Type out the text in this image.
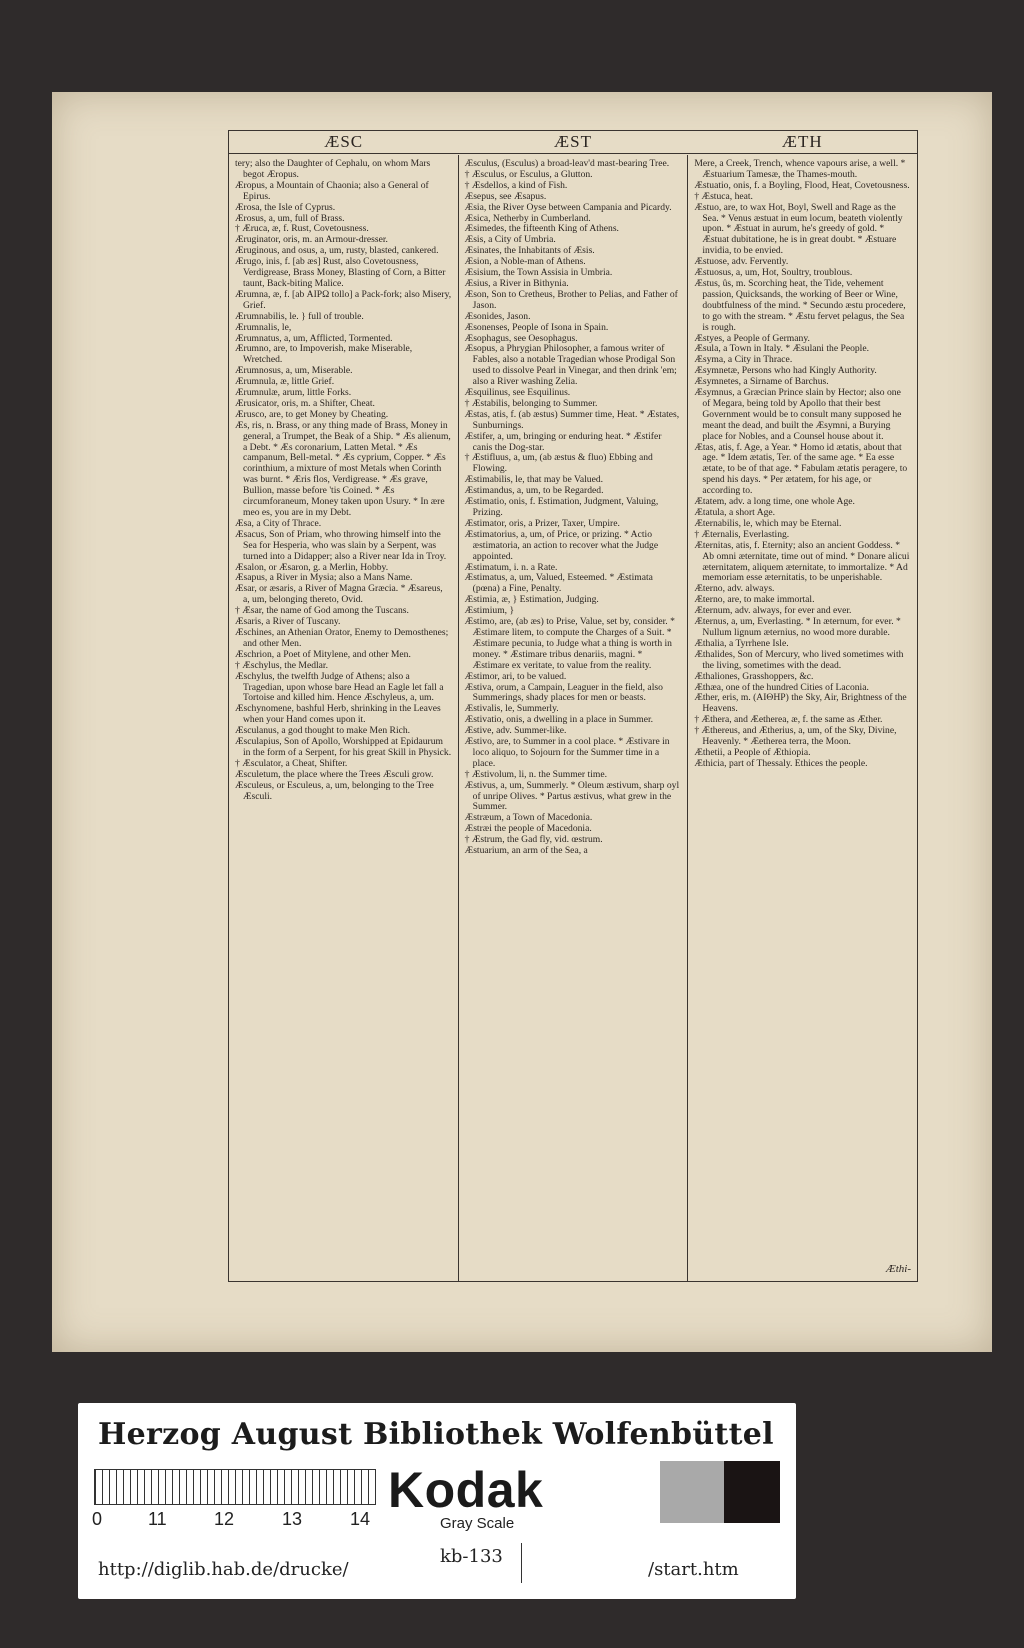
ÆSC	ÆST	ÆTH

tery; also the Daughter of Cephalu, on whom Mars begot Æropus.

Æropus, a Mountain of Chaonia; also a General of Epirus.

Ærosa, the Isle of Cyprus.

Ærosus, a, um, full of Brass.

† Æruca, æ, f. Rust, Covetousness.

Æruginator, oris, m. an Armour-dresser.

Æruginous, and osus, a, um, rusty, blasted, cankered.

Ærugo, inis, f. [ab æs] Rust, also Covetousness, Verdigrease, Brass Money, Blasting of Corn, a Bitter taunt, Back-biting Malice.

Ærumna, æ, f. [ab ΑΙΡΩ tollo] a Pack-fork; also Misery, Grief.

Ærumnabilis, le. } full of trouble.

Ærumnalis, le,

Ærumnatus, a, um, Afflicted, Tormented.

Ærumno, are, to Impoverish, make Miserable, Wretched.

Ærumnosus, a, um, Miserable.

Ærumnula, æ, little Grief.

Ærumnulæ, arum, little Forks.

Ærusicator, oris, m. a Shifter, Cheat.

Ærusco, are, to get Money by Cheating.

Æs, ris, n. Brass, or any thing made of Brass, Money in general, a Trumpet, the Beak of a Ship. * Æs alienum, a Debt. * Æs coronarium, Latten Metal. * Æs campanum, Bell-metal. * Æs cyprium, Copper. * Æs corinthium, a mixture of most Metals when Corinth was burnt. * Æris flos, Verdigrease. * Æs grave, Bullion, masse before 'tis Coined. * Æs circumforaneum, Money taken upon Usury. * In ære meo es, you are in my Debt.

Æsa, a City of Thrace.

Æsacus, Son of Priam, who throwing himself into the Sea for Hesperia, who was slain by a Serpent, was turned into a Didapper; also a River near Ida in Troy.

Æsalon, or Æsaron, g. a Merlin, Hobby.

Æsapus, a River in Mysia; also a Mans Name.

Æsar, or æsaris, a River of Magna Græcia. * Æsareus, a, um, belonging thereto, Ovid.

† Æsar, the name of God among the Tuscans.

Æsaris, a River of Tuscany.

Æschines, an Athenian Orator, Enemy to Demosthenes; and other Men.

Æschrion, a Poet of Mitylene, and other Men.

† Æschylus, the Medlar.

Æschylus, the twelfth Judge of Athens; also a Tragedian, upon whose bare Head an Eagle let fall a Tortoise and killed him. Hence Æschyleus, a, um.

Æschynomene, bashful Herb, shrinking in the Leaves when your Hand comes upon it.

Æsculanus, a god thought to make Men Rich.

Æsculapius, Son of Apollo, Worshipped at Epidaurum in the form of a Serpent, for his great Skill in Physick.

† Æsculator, a Cheat, Shifter.

Æsculetum, the place where the Trees Æsculi grow.

Æsculeus, or Esculeus, a, um, belonging to the Tree Æsculi.

Æsculus, (Esculus) a broad-leav'd mast-bearing Tree.

† Æsculus, or Esculus, a Glutton.

† Æsdellos, a kind of Fish.

Æsepus, see Æsapus.

Æsia, the River Oyse between Campania and Picardy.

Æsica, Netherby in Cumberland.

Æsimedes, the fifteenth King of Athens.

Æsis, a City of Umbria.

Æsinates, the Inhabitants of Æsis.

Æsion, a Noble-man of Athens.

Æsisium, the Town Assisia in Umbria.

Æsius, a River in Bithynia.

Æson, Son to Cretheus, Brother to Pelias, and Father of Jason.

Æsonides, Jason.

Æsonenses, People of Isona in Spain.

Æsophagus, see Oesophagus.

Æsopus, a Phrygian Philosopher, a famous writer of Fables, also a notable Tragedian whose Prodigal Son used to dissolve Pearl in Vinegar, and then drink 'em; also a River washing Zelia.

Æsquilinus, see Esquilinus.

† Æstabilis, belonging to Summer.

Æstas, atis, f. (ab æstus) Summer time, Heat. * Æstates, Sunburnings.

Æstifer, a, um, bringing or enduring heat. * Æstifer canis the Dog-star.

† Æstifluus, a, um, (ab æstus & fluo) Ebbing and Flowing.

Æstimabilis, le, that may be Valued.

Æstimandus, a, um, to be Regarded.

Æstimatio, onis, f. Estimation, Judgment, Valuing, Prizing.

Æstimator, oris, a Prizer, Taxer, Umpire.

Æstimatorius, a, um, of Price, or prizing. * Actio æstimatoria, an action to recover what the Judge appointed.

Æstimatum, i. n. a Rate.

Æstimatus, a, um, Valued, Esteemed. * Æstimata (pœna) a Fine, Penalty.

Æstimia, æ, } Estimation, Judging.

Æstimium, }

Æstimo, are, (ab æs) to Prise, Value, set by, consider. * Æstimare litem, to compute the Charges of a Suit. * Æstimare pecunia, to Judge what a thing is worth in money. * Æstimare tribus denariis, magni. * Æstimare ex veritate, to value from the reality.

Æstimor, ari, to be valued.

Æstiva, orum, a Campain, Leaguer in the field, also Summerings, shady places for men or beasts.

Æstivalis, le, Summerly.

Æstivatio, onis, a dwelling in a place in Summer.

Æstive, adv. Summer-like.

Æstivo, are, to Summer in a cool place. * Æstivare in loco aliquo, to Sojourn for the Summer time in a place.

† Æstivolum, li, n. the Summer time.

Æstivus, a, um, Summerly. * Oleum æstivum, sharp oyl of unripe Olives. * Partus æstivus, what grew in the Summer.

Æstræum, a Town of Macedonia.

Æstræi the people of Macedonia.

† Æstrum, the Gad fly, vid. œstrum.

Æstuarium, an arm of the Sea, a

Mere, a Creek, Trench, whence vapours arise, a well. * Æstuarium Tamesæ, the Thames-mouth.

Æstuatio, onis, f. a Boyling, Flood, Heat, Covetousness.

† Æstuca, heat.

Æstuo, are, to wax Hot, Boyl, Swell and Rage as the Sea. * Venus æstuat in eum locum, beateth violently upon. * Æstuat in aurum, he's greedy of gold. * Æstuat dubitatione, he is in great doubt. * Æstuare invidia, to be envied.

Æstuose, adv. Fervently.

Æstuosus, a, um, Hot, Soultry, troublous.

Æstus, ûs, m. Scorching heat, the Tide, vehement passion, Quicksands, the working of Beer or Wine, doubtfulness of the mind. * Secundo æstu procedere, to go with the stream. * Æstu fervet pelagus, the Sea is rough.

Æstyes, a People of Germany.

Æsula, a Town in Italy. * Æsulani the People.

Æsyma, a City in Thrace.

Æsymnetæ, Persons who had Kingly Authority.

Æsymnetes, a Sirname of Barchus.

Æsymnus, a Græcian Prince slain by Hector; also one of Megara, being told by Apollo that their best Government would be to consult many supposed he meant the dead, and built the Æsymni, a Burying place for Nobles, and a Counsel house about it.

Ætas, atis, f. Age, a Year. * Homo id ætatis, about that age. * Idem ætatis, Ter. of the same age. * Ea esse ætate, to be of that age. * Fabulam ætatis peragere, to spend his days. * Per ætatem, for his age, or according to.

Ætatem, adv. a long time, one whole Age.

Ætatula, a short Age.

Æternabilis, le, which may be Eternal.

† Æternalis, Everlasting.

Æternitas, atis, f. Eternity; also an ancient Goddess. * Ab omni æternitate, time out of mind. * Donare alicui æternitatem, aliquem æternitate, to immortalize. * Ad memoriam esse æternitatis, to be unperishable.

Æterno, adv. always.

Æterno, are, to make immortal.

Æternum, adv. always, for ever and ever.

Æternus, a, um, Everlasting. * In æternum, for ever. * Nullum lignum æternius, no wood more durable.

Æthalia, a Tyrrhene Isle.

Æthalides, Son of Mercury, who lived sometimes with the living, sometimes with the dead.

Æthaliones, Grasshoppers, &c.

Æthæa, one of the hundred Cities of Laconia.

Æther, eris, m. (ΑΙΘΗΡ) the Sky, Air, Brightness of the Heavens.

† Æthera, and Æetherea, æ, f. the same as Æther.

† Æthereus, and Ætherius, a, um, of the Sky, Divine, Heavenly. * Æetherea terra, the Moon.

Æthetii, a People of Æthiopia.

Æthicia, part of Thessaly. Ethices the people.

Æthi-
Herzog August Bibliothek Wolfenbüttel
0	11	12	13	14
Kodak
Gray Scale
http://diglib.hab.de/drucke/
kb-133
/start.htm
